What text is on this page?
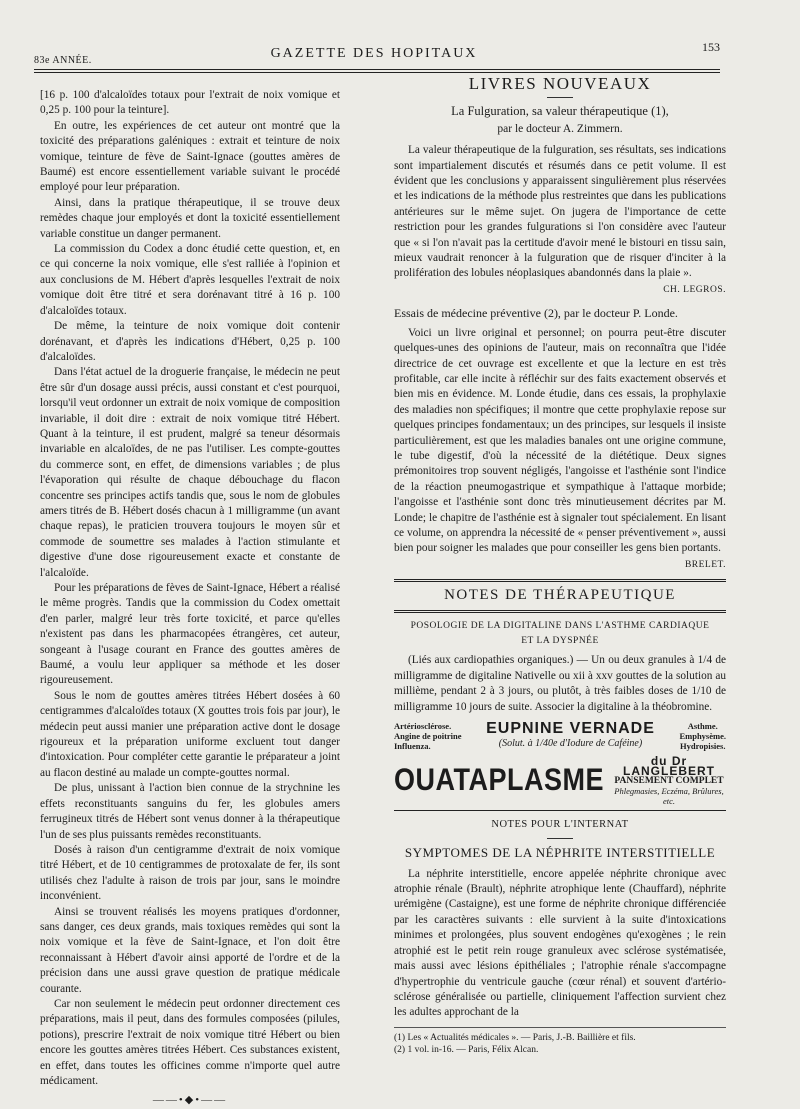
83e ANNÉE.	GAZETTE DES HOPITAUX	153

[16 p. 100 d'alcaloïdes totaux pour l'extrait de noix vomique et 0,25 p. 100 pour la teinture].

En outre, les expériences de cet auteur ont montré que la toxicité des préparations galéniques : extrait et teinture de noix vomique, teinture de fève de Saint-Ignace (gouttes amères de Baumé) est encore essentiellement variable suivant le procédé employé pour leur préparation.

Ainsi, dans la pratique thérapeutique, il se trouve deux remèdes chaque jour employés et dont la toxicité essentiellement variable constitue un danger permanent.

La commission du Codex a donc étudié cette question, et, en ce qui concerne la noix vomique, elle s'est ralliée à l'opinion et aux conclusions de M. Hébert d'après lesquelles l'extrait de noix vomique doit être titré et sera dorénavant titré à 16 p. 100 d'alcaloïdes totaux.

De même, la teinture de noix vomique doit contenir dorénavant, et d'après les indications d'Hébert, 0,25 p. 100 d'alcaloïdes.

Dans l'état actuel de la droguerie française, le médecin ne peut être sûr d'un dosage aussi précis, aussi constant et c'est pourquoi, lorsqu'il veut ordonner un extrait de noix vomique de composition invariable, il doit dire : extrait de noix vomique titré Hébert. Quant à la teinture, il est prudent, malgré sa teneur désormais invariable en alcaloïdes, de ne pas l'utiliser. Les compte-gouttes du commerce sont, en effet, de dimensions variables ; de plus l'évaporation qui résulte de chaque débouchage du flacon concentre ses principes actifs tandis que, sous le nom de globules amers titrés de B. Hébert dosés chacun à 1 milligramme (un avant chaque repas), le praticien trouvera toujours le moyen sûr et commode de soumettre ses malades à l'action stimulante et digestive d'une dose rigoureusement exacte et constante de l'alcaloïde.

Pour les préparations de fèves de Saint-Ignace, Hébert a réalisé le même progrès. Tandis que la commission du Codex omettait d'en parler, malgré leur très forte toxicité, et parce qu'elles n'existent pas dans les pharmacopées étrangères, cet auteur, songeant à l'usage courant en France des gouttes amères de Baumé, a voulu leur appliquer sa méthode et les doser rigoureusement.

Sous le nom de gouttes amères titrées Hébert dosées à 60 centigrammes d'alcaloïdes totaux (X gouttes trois fois par jour), le médecin peut aussi manier une préparation active dont le dosage rigoureux et la préparation uniforme excluent tout danger d'intoxication. Pour compléter cette garantie le préparateur a joint au flacon destiné au malade un compte-gouttes normal.

De plus, unissant à l'action bien connue de la strychnine les effets reconstituants sanguins du fer, les globules amers ferrugineux titrés de Hébert sont venus donner à la thérapeutique l'un de ses plus puissants remèdes reconstituants.

Dosés à raison d'un centigramme d'extrait de noix vomique titré Hébert, et de 10 centigrammes de protoxalate de fer, ils sont utilisés chez l'adulte à raison de trois par jour, sans le moindre inconvénient.

Ainsi se trouvent réalisés les moyens pratiques d'ordonner, sans danger, ces deux grands, mais toxiques remèdes qui sont la noix vomique et la fève de Saint-Ignace, et l'on doit être reconnaissant à Hébert d'avoir ainsi apporté de l'ordre et de la précision dans une aussi grave question de pratique médicale courante.

Car non seulement le médecin peut ordonner directement ces préparations, mais il peut, dans des formules composées (pilules, potions), prescrire l'extrait de noix vomique titré Hébert ou bien encore les gouttes amères titrées Hébert. Ces substances existent, en effet, dans toutes les officines comme n'importe quel autre médicament.

——•◆•——
LIVRES NOUVEAUX
La Fulguration, sa valeur thérapeutique (1),
par le docteur A. Zimmern.

La valeur thérapeutique de la fulguration, ses résultats, ses indications sont impartialement discutés et résumés dans ce petit volume. Il est évident que les conclusions y apparaissent singulièrement plus réservées et les indications de la méthode plus restreintes que dans les publications antérieures sur le même sujet. On jugera de l'importance de cette restriction pour les grandes fulgurations si l'on considère avec l'auteur que « si l'on n'avait pas la certitude d'avoir mené le bistouri en tissu sain, mieux vaudrait renoncer à la fulguration que de risquer d'inciter à la prolifération des lobules néoplasiques abandonnés dans la plaie ».

CH. LEGROS.
Essais de médecine préventive (2), par le docteur P. Londe.

Voici un livre original et personnel; on pourra peut-être discuter quelques-unes des opinions de l'auteur, mais on reconnaîtra que l'idée directrice de cet ouvrage est excellente et que la lecture en est très profitable, car elle incite à réfléchir sur des faits exactement observés et bien mis en évidence. M. Londe étudie, dans ces essais, la prophylaxie des maladies non spécifiques; il montre que cette prophylaxie repose sur quelques principes fondamentaux; un des principes, sur lesquels il insiste particulièrement, est que les maladies banales ont une origine commune, le tube digestif, d'où la nécessité de la diététique. Deux signes prémonitoires trop souvent négligés, l'angoisse et l'asthénie sont l'indice de la réaction pneumogastrique et sympathique à l'attaque morbide; l'angoisse et l'asthénie sont donc très minutieusement décrites par M. Londe; le chapitre de l'asthénie est à signaler tout spécialement. En lisant ce volume, on apprendra la nécessité de « penser préventivement », aussi bien pour soigner les malades que pour conseiller les gens bien portants.

BRELET.
NOTES DE THÉRAPEUTIQUE
POSOLOGIE DE LA DIGITALINE DANS L'ASTHME CARDIAQUE
ET LA DYSPNÉE

(Liés aux cardiopathies organiques.) — Un ou deux granules à 1/4 de milligramme de digitaline Nativelle ou xii à xxv gouttes de la solution au millième, pendant 2 à 3 jours, ou plutôt, à très faibles doses de 1/10 de milligramme 10 jours de suite. Associer la digitaline à la théobromine.

Artériosclérose.
Angine de poitrine
Influenza.
EUPNINE VERNADE
(Solut. à 1/40e d'Iodure de Caféine)
Asthme.
Emphysème.
Hydropisies.
OUATAPLASME
du Dr LANGLEBERT
PANSEMENT COMPLET
Phlegmasies, Eczéma, Brûlures, etc.
NOTES POUR L'INTERNAT
SYMPTOMES DE LA NÉPHRITE INTERSTITIELLE

La néphrite interstitielle, encore appelée néphrite chronique avec atrophie rénale (Brault), néphrite atrophique lente (Chauffard), néphrite urémigène (Castaigne), est une forme de néphrite chronique différenciée par les caractères suivants : elle survient à la suite d'intoxications minimes et prolongées, plus souvent endogènes qu'exogènes ; le rein atrophié est le petit rein rouge granuleux avec sclérose systématisée, mais aussi avec lésions épithéliales ; l'atrophie rénale s'accompagne d'hypertrophie du ventricule gauche (cœur rénal) et souvent d'artério-sclérose généralisée ou partielle, cliniquement l'affection survient chez les adultes approchant de la

(1) Les « Actualités médicales ». — Paris, J.-B. Baillière et fils.
(2) 1 vol. in-16. — Paris, Félix Alcan.
